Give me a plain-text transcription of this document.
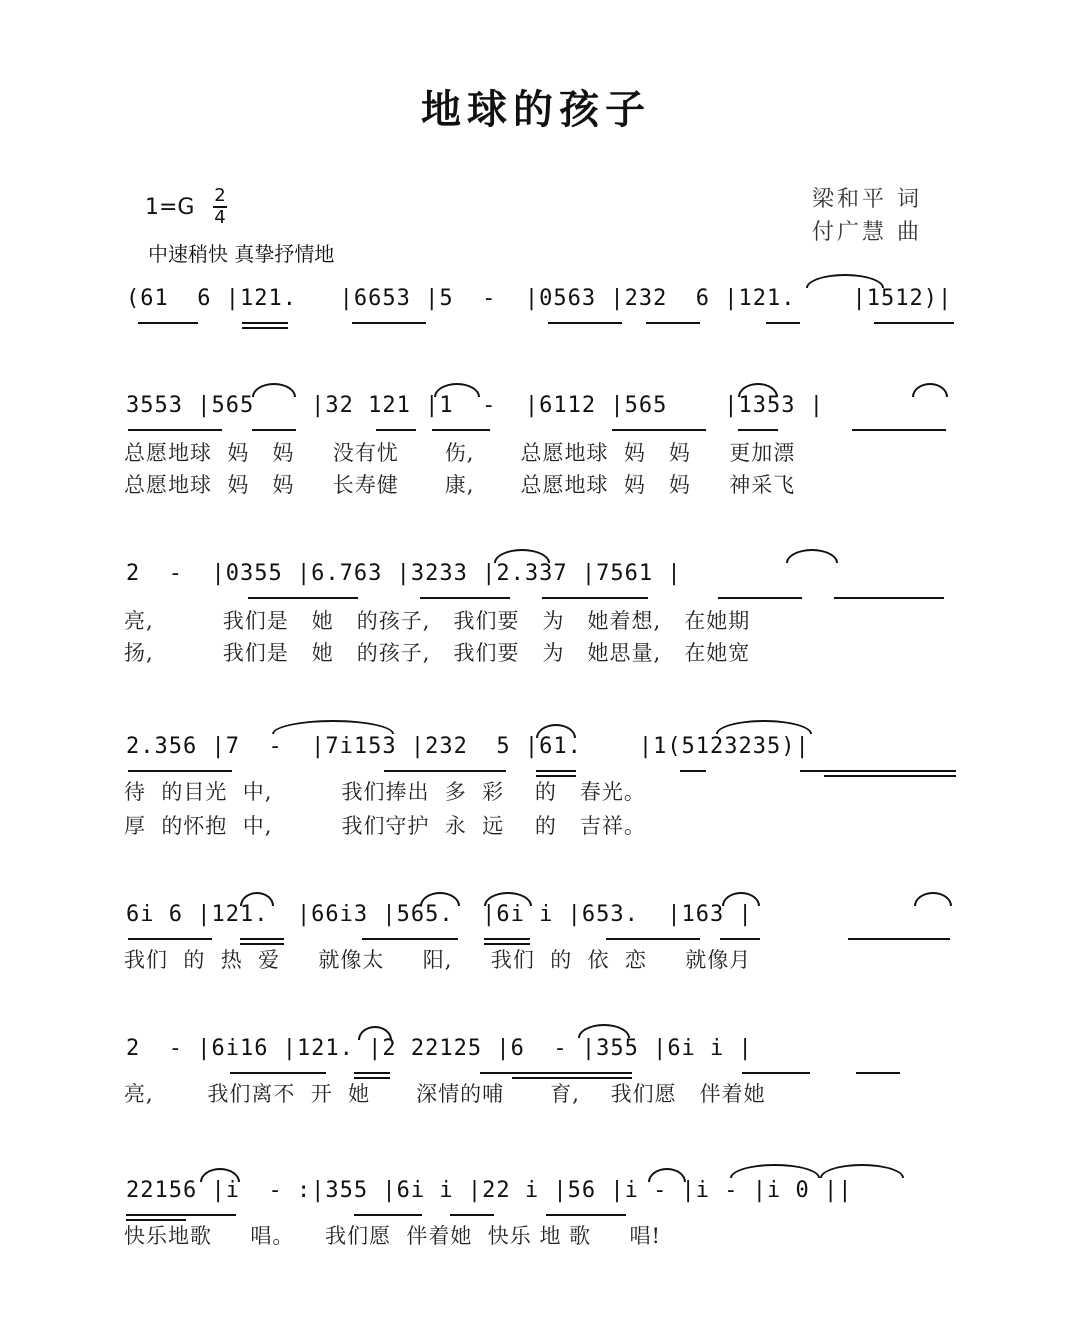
地球的孩子
1=G 2
4
中速稍快 真挚抒情地
梁和平 词
付广慧 曲
(61  6 |121.   |6653 |5  -  |0563 |232  6 |121.    |1512)|
3553 |565    |32 121 |1  -  |6112 |565    |1353 |
总愿地球  妈   妈     没有忧      伤,      总愿地球  妈   妈     更加漂
总愿地球  妈   妈     长寿健      康,      总愿地球  妈   妈     神采飞
2  -  |0355 |6.763 |3233 |2.337 |7561 |
亮,         我们是   她   的孩子,   我们要   为   她着想,   在她期
扬,         我们是   她   的孩子,   我们要   为   她思量,   在她宽
2.356 |7  -  |7i153 |232  5 |61.    |1(5123235)|
待  的目光  中,         我们捧出  多  彩    的   春光。
厚  的怀抱  中,         我们守护  永  远    的   吉祥。
6i 6 |121.  |66i3 |565.  |6i i |653.  |163 |
我们  的  热  爱     就像太     阳,     我们  的  依  恋     就像月
2  - |6i16 |121. |2 22125 |6  - |355 |6i i |
亮,       我们离不  开  她      深情的哺      育,    我们愿   伴着她
22156 |i  - :|355 |6i i |22 i |56 |i - |i - |i 0 ||
快乐地歌     唱。    我们愿  伴着她  快乐 地 歌     唱!
